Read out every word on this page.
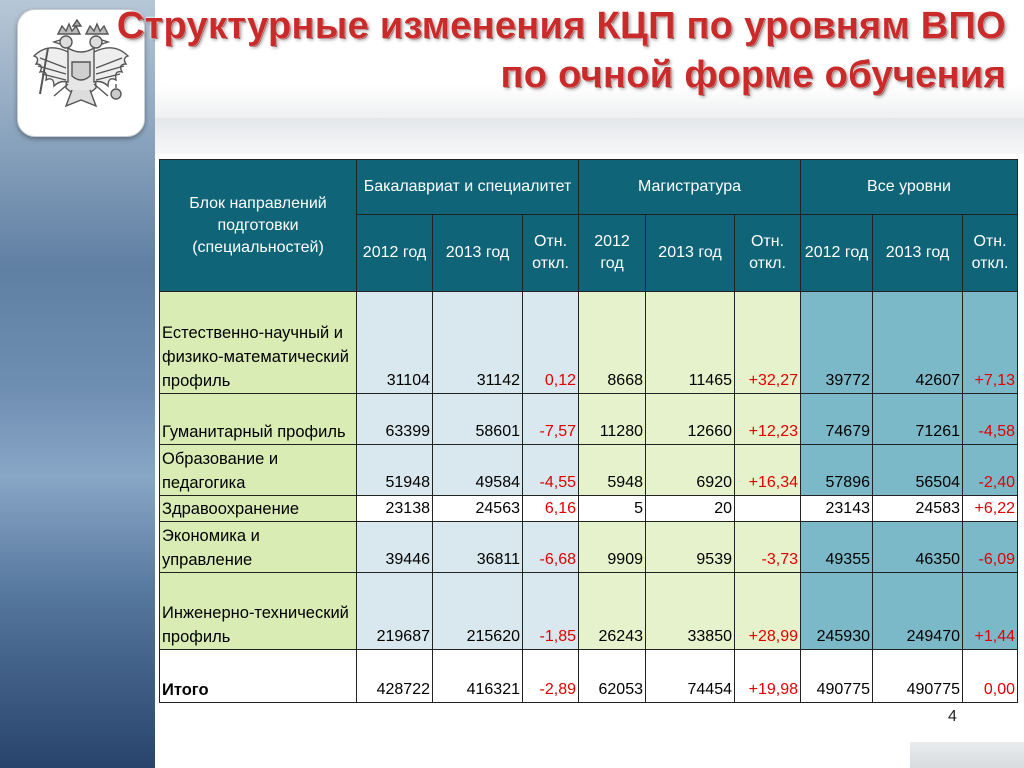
Структурные изменения КЦП по уровням ВПО
по очной форме обучения
Блок направлений подготовки (специальностей)	Бакалавриат и специалитет			Магистратура			Все уровни		
	2012 год	2013 год	Отн. откл.	2012 год	2013 год	Отн. откл.	2012 год	2013 год	Отн. откл.
Естественно-научный и физико-математический профиль	31104	31142	0,12	8668	11465	+32,27	39772	42607	+7,13
Гуманитарный профиль	63399	58601	-7,57	11280	12660	+12,23	74679	71261	-4,58
Образование и педагогика	51948	49584	-4,55	5948	6920	+16,34	57896	56504	-2,40
Здравоохранение	23138	24563	6,16	5	20		23143	24583	+6,22
Экономика и управление	39446	36811	-6,68	9909	9539	-3,73	49355	46350	-6,09
Инженерно-технический профиль	219687	215620	-1,85	26243	33850	+28,99	245930	249470	+1,44
Итого	428722	416321	-2,89	62053	74454	+19,98	490775	490775	0,00
4
